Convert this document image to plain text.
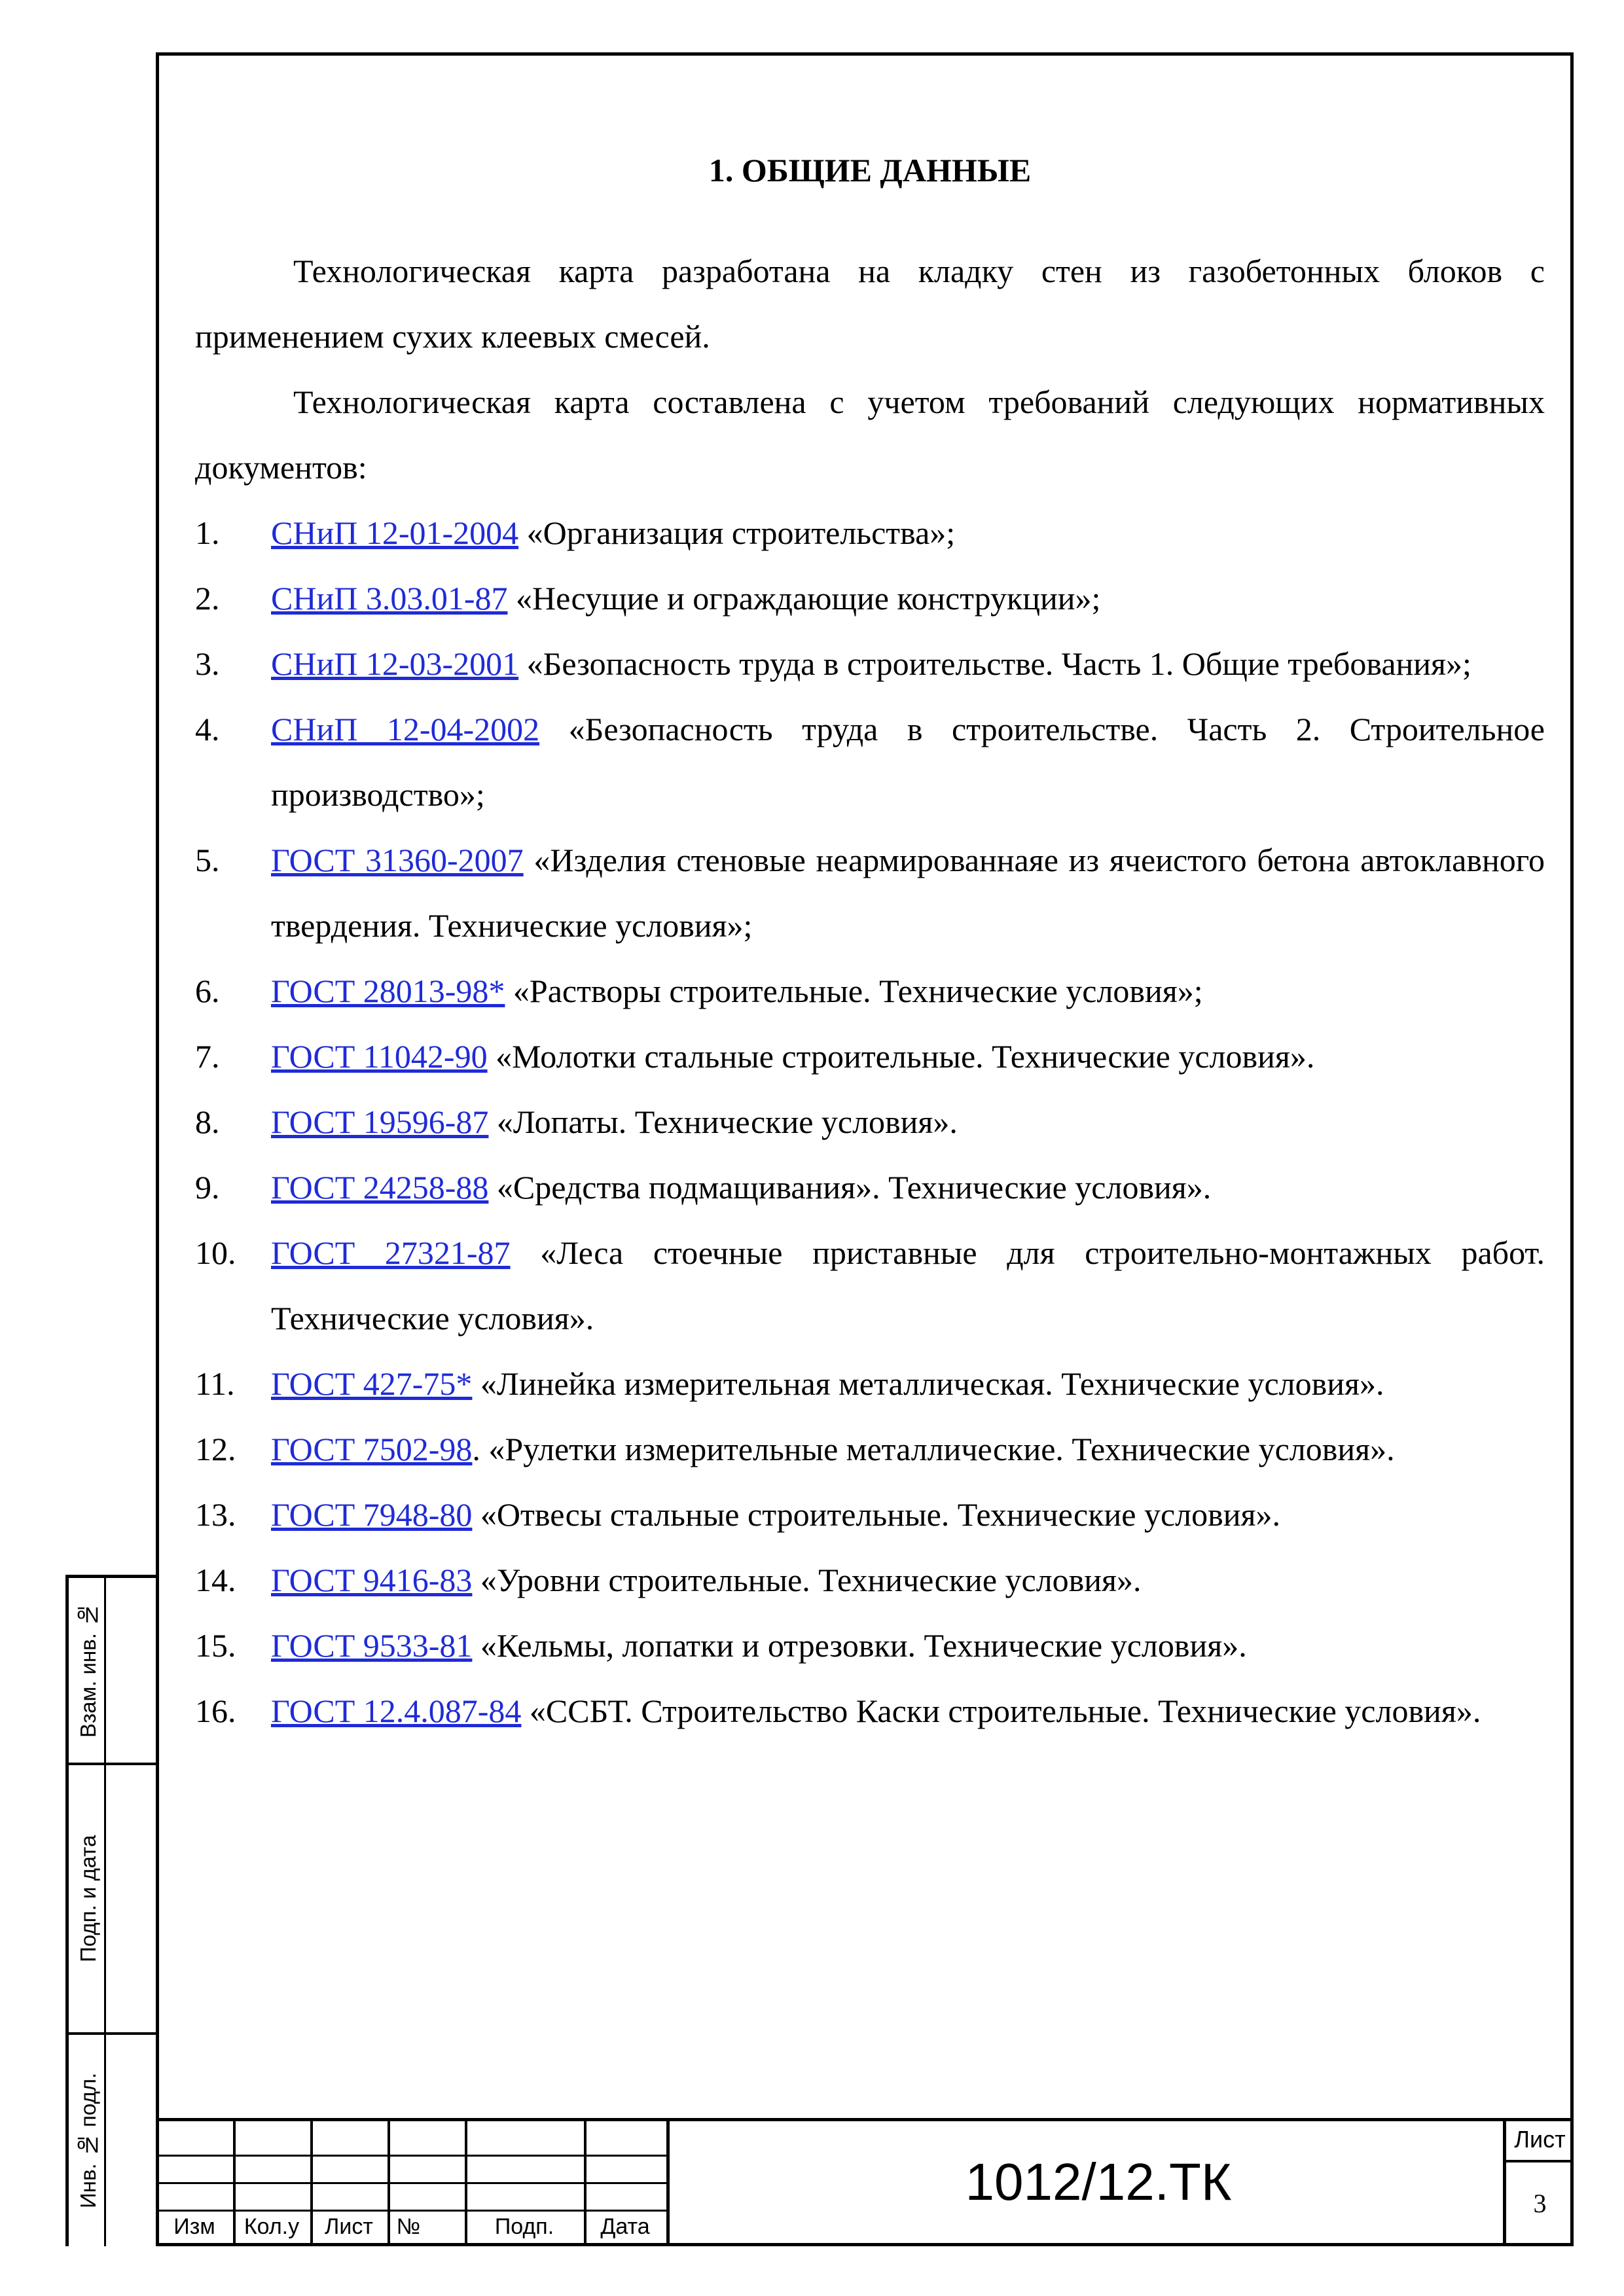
1. ОБЩИЕ ДАННЫЕ

Технологическая карта разработана на кладку стен из газобетонных блоков с применением сухих клеевых смесей.

Технологическая карта составлена с учетом требований следующих нормативных документов:

1. СНиП 12-01-2004 «Организация строительства»;
2. СНиП 3.03.01-87 «Несущие и ограждающие конструкции»;
3. СНиП 12-03-2001 «Безопасность труда в строительстве. Часть 1. Общие требования»;
4. СНиП 12-04-2002 «Безопасность труда в строительстве. Часть 2. Строительное производство»;
5. ГОСТ 31360-2007 «Изделия стеновые неармированнаяе из ячеистого бетона автоклавного твердения. Технические условия»;
6. ГОСТ 28013-98* «Растворы строительные. Технические условия»;
7. ГОСТ 11042-90 «Молотки стальные строительные. Технические условия».
8. ГОСТ 19596-87 «Лопаты. Технические условия».
9. ГОСТ 24258-88 «Средства подмащивания». Технические условия».
10. ГОСТ 27321-87 «Леса стоечные приставные для строительно-монтажных работ. Технические условия».
11. ГОСТ 427-75* «Линейка измерительная металлическая. Технические условия».
12. ГОСТ 7502-98. «Рулетки измерительные металлические. Технические условия».
13. ГОСТ 7948-80 «Отвесы стальные строительные. Технические условия».
14. ГОСТ 9416-83 «Уровни строительные. Технические условия».
15. ГОСТ 9533-81 «Кельмы, лопатки и отрезовки. Технические условия».
16. ГОСТ 12.4.087-84 «ССБТ. Строительство Каски строительные. Технические условия».
Взам. инв. №
Подп. и дата
Инв. № подл.
Изм	Кол.у	Лист	№	Подп.	Дата
1012/12.ТК
Лист
3
